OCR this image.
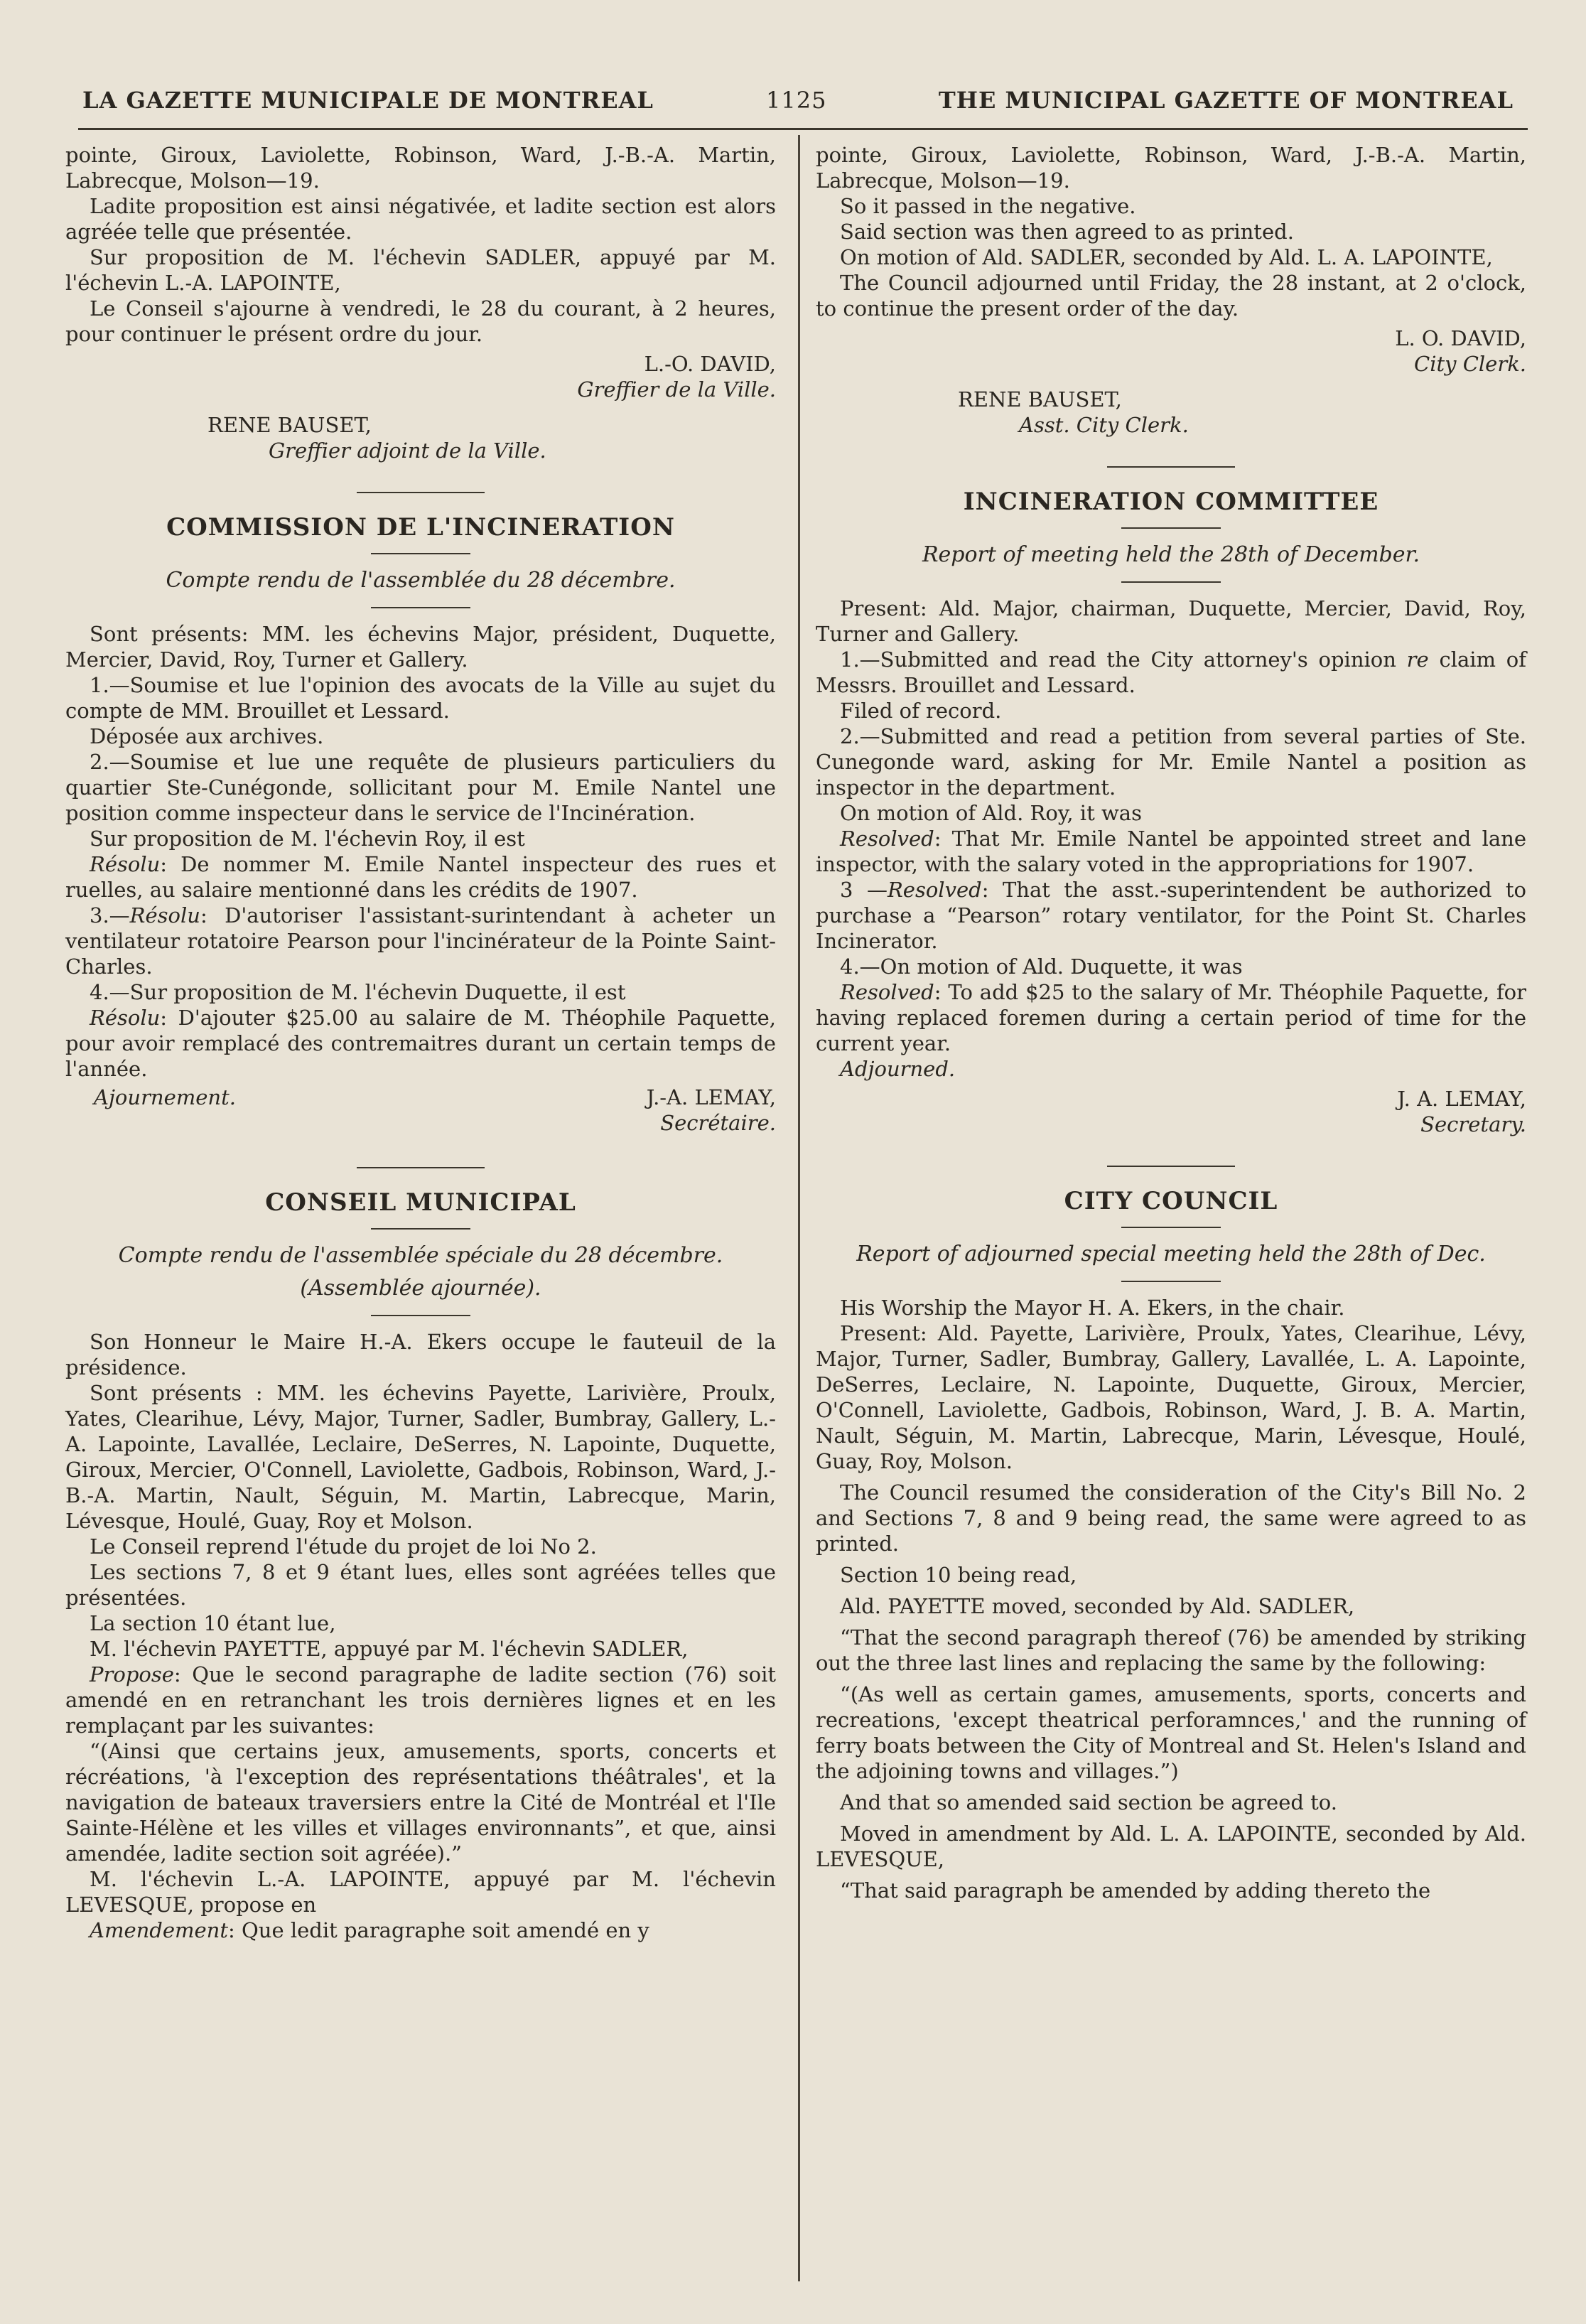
LA GAZETTE MUNICIPALE DE MONTREAL	1125	THE MUNICIPAL GAZETTE OF MONTREAL

pointe, Giroux, Laviolette, Robinson, Ward, J.-B.-A. Martin, Labrecque, Molson—19.

Ladite proposition est ainsi négativée, et ladite section est alors agréée telle que présentée.

Sur proposition de M. l'échevin SADLER, appuyé par M. l'échevin L.-A. LAPOINTE,

Le Conseil s'ajourne à vendredi, le 28 du courant, à 2 heures, pour continuer le présent ordre du jour.

L.-O. DAVID,
Greffier de la Ville.
RENE BAUSET,
Greffier adjoint de la Ville.
COMMISSION DE L'INCINERATION
Compte rendu de l'assemblée du 28 décembre.

Sont présents: MM. les échevins Major, président, Duquette, Mercier, David, Roy, Turner et Gallery.

1.—Soumise et lue l'opinion des avocats de la Ville au sujet du compte de MM. Brouillet et Lessard.

Déposée aux archives.

2.—Soumise et lue une requête de plusieurs particuliers du quartier Ste-Cunégonde, sollicitant pour M. Emile Nantel une position comme inspecteur dans le service de l'Incinération.

Sur proposition de M. l'échevin Roy, il est

Résolu: De nommer M. Emile Nantel inspecteur des rues et ruelles, au salaire mentionné dans les crédits de 1907.

3.—Résolu: D'autoriser l'assistant-surintendant à acheter un ventilateur rotatoire Pearson pour l'incinérateur de la Pointe Saint-Charles.

4.—Sur proposition de M. l'échevin Duquette, il est

Résolu: D'ajouter $25.00 au salaire de M. Théophile Paquette, pour avoir remplacé des contremaitres durant un certain temps de l'année.

Ajournement.	J.-A. LEMAY,
Secrétaire.
CONSEIL MUNICIPAL
Compte rendu de l'assemblée spéciale du 28 décembre.
(Assemblée ajournée).

Son Honneur le Maire H.-A. Ekers occupe le fauteuil de la présidence.

Sont présents : MM. les échevins Payette, Larivière, Proulx, Yates, Clearihue, Lévy, Major, Turner, Sadler, Bumbray, Gallery, L.-A. Lapointe, Lavallée, Leclaire, DeSerres, N. Lapointe, Duquette, Giroux, Mercier, O'Connell, Laviolette, Gadbois, Robinson, Ward, J.-B.-A. Martin, Nault, Séguin, M. Martin, Labrecque, Marin, Lévesque, Houlé, Guay, Roy et Molson.

Le Conseil reprend l'étude du projet de loi No 2.

Les sections 7, 8 et 9 étant lues, elles sont agréées telles que présentées.

La section 10 étant lue,

M. l'échevin PAYETTE, appuyé par M. l'échevin SADLER,

Propose: Que le second paragraphe de ladite section (76) soit amendé en en retranchant les trois dernières lignes et en les remplaçant par les suivantes:

“(Ainsi que certains jeux, amusements, sports, concerts et récréations, 'à l'exception des représentations théâtrales', et la navigation de bateaux traversiers entre la Cité de Montréal et l'Ile Sainte-Hélène et les villes et villages environnants”, et que, ainsi amendée, ladite section soit agréée).”

M. l'échevin L.-A. LAPOINTE, appuyé par M. l'échevin LEVESQUE, propose en

Amendement: Que ledit paragraphe soit amendé en y

pointe, Giroux, Laviolette, Robinson, Ward, J.-B.-A. Martin, Labrecque, Molson—19.

So it passed in the negative.

Said section was then agreed to as printed.

On motion of Ald. SADLER, seconded by Ald. L. A. LAPOINTE,

The Council adjourned until Friday, the 28 instant, at 2 o'clock, to continue the present order of the day.

L. O. DAVID,
City Clerk.
RENE BAUSET,
Asst. City Clerk.
INCINERATION COMMITTEE
Report of meeting held the 28th of December.

Present: Ald. Major, chairman, Duquette, Mercier, David, Roy, Turner and Gallery.

1.—Submitted and read the City attorney's opinion re claim of Messrs. Brouillet and Lessard.

Filed of record.

2.—Submitted and read a petition from several parties of Ste. Cunegonde ward, asking for Mr. Emile Nantel a position as inspector in the department.

On motion of Ald. Roy, it was

Resolved: That Mr. Emile Nantel be appointed street and lane inspector, with the salary voted in the appropriations for 1907.

3 —Resolved: That the asst.-superintendent be authorized to purchase a “Pearson” rotary ventilator, for the Point St. Charles Incinerator.

4.—On motion of Ald. Duquette, it was

Resolved: To add $25 to the salary of Mr. Théophile Paquette, for having replaced foremen during a certain period of time for the current year.

Adjourned.

J. A. LEMAY,
Secretary.
CITY COUNCIL
Report of adjourned special meeting held the 28th of Dec.

His Worship the Mayor H. A. Ekers, in the chair.

Present: Ald. Payette, Larivière, Proulx, Yates, Clearihue, Lévy, Major, Turner, Sadler, Bumbray, Gallery, Lavallée, L. A. Lapointe, DeSerres, Leclaire, N. Lapointe, Duquette, Giroux, Mercier, O'Connell, Laviolette, Gadbois, Robinson, Ward, J. B. A. Martin, Nault, Séguin, M. Martin, Labrecque, Marin, Lévesque, Houlé, Guay, Roy, Molson.

The Council resumed the consideration of the City's Bill No. 2 and Sections 7, 8 and 9 being read, the same were agreed to as printed.

Section 10 being read,

Ald. PAYETTE moved, seconded by Ald. SADLER,

“That the second paragraph thereof (76) be amended by striking out the three last lines and replacing the same by the following:

“(As well as certain games, amusements, sports, concerts and recreations, 'except theatrical perforamnces,' and the running of ferry boats between the City of Montreal and St. Helen's Island and the adjoining towns and villages.”)

And that so amended said section be agreed to.

Moved in amendment by Ald. L. A. LAPOINTE, seconded by Ald. LEVESQUE,

“That said paragraph be amended by adding thereto the
